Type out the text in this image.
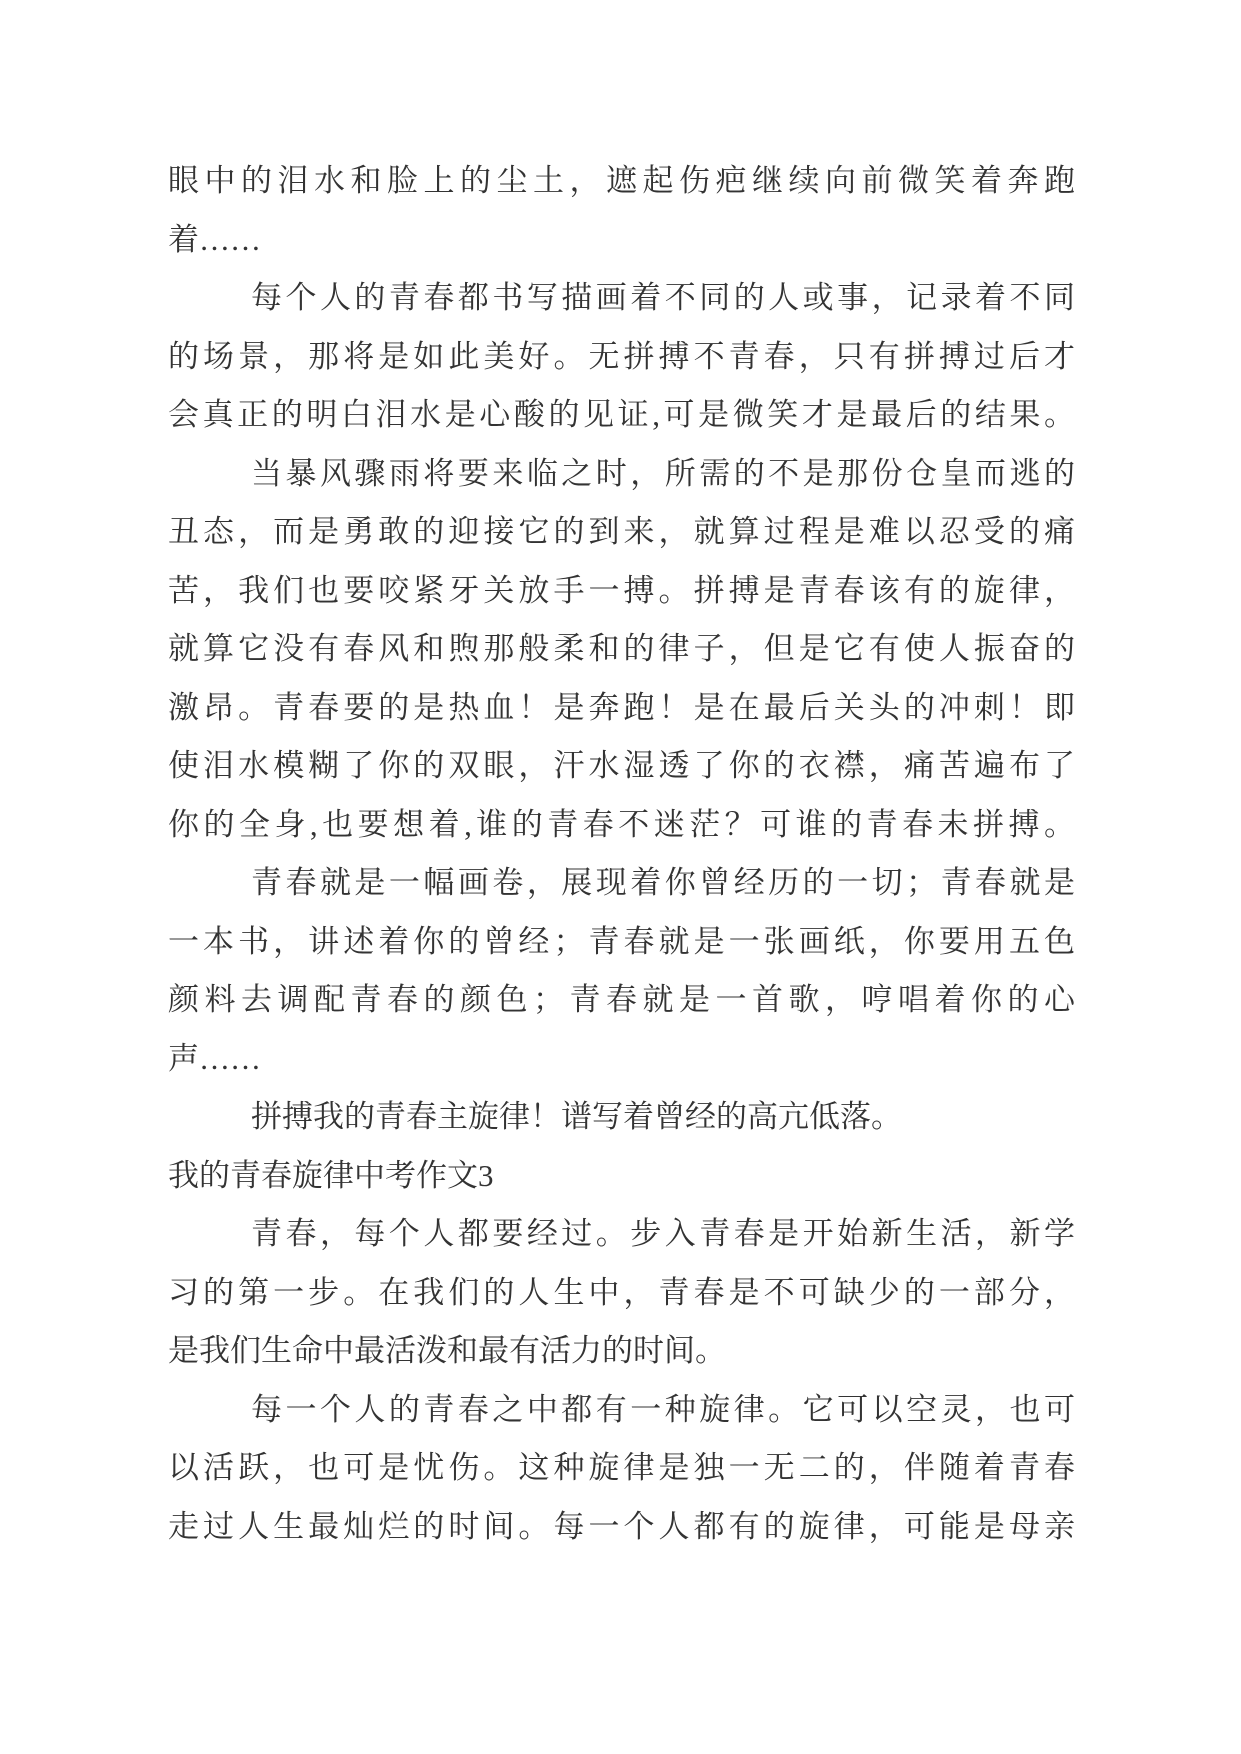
眼中的泪水和脸上的尘土，遮起伤疤继续向前微笑着奔跑
着……
每个人的青春都书写描画着不同的人或事，记录着不同
的场景，那将是如此美好。无拼搏不青春，只有拼搏过后才
会真正的明白泪水是心酸的见证,可是微笑才是最后的结果。
当暴风骤雨将要来临之时，所需的不是那份仓皇而逃的
丑态，而是勇敢的迎接它的到来，就算过程是难以忍受的痛
苦，我们也要咬紧牙关放手一搏。拼搏是青春该有的旋律，
就算它没有春风和煦那般柔和的律子，但是它有使人振奋的
激昂。青春要的是热血！是奔跑！是在最后关头的冲刺！即
使泪水模糊了你的双眼，汗水湿透了你的衣襟，痛苦遍布了
你的全身,也要想着,谁的青春不迷茫？可谁的青春未拼搏。
青春就是一幅画卷，展现着你曾经历的一切；青春就是
一本书，讲述着你的曾经；青春就是一张画纸，你要用五色
颜料去调配青春的颜色；青春就是一首歌，哼唱着你的心
声……
拼搏我的青春主旋律！谱写着曾经的高亢低落。
我的青春旋律中考作文3
青春，每个人都要经过。步入青春是开始新生活，新学
习的第一步。在我们的人生中，青春是不可缺少的一部分，
是我们生命中最活泼和最有活力的时间。
每一个人的青春之中都有一种旋律。它可以空灵，也可
以活跃，也可是忧伤。这种旋律是独一无二的，伴随着青春
走过人生最灿烂的时间。每一个人都有的旋律，可能是母亲
